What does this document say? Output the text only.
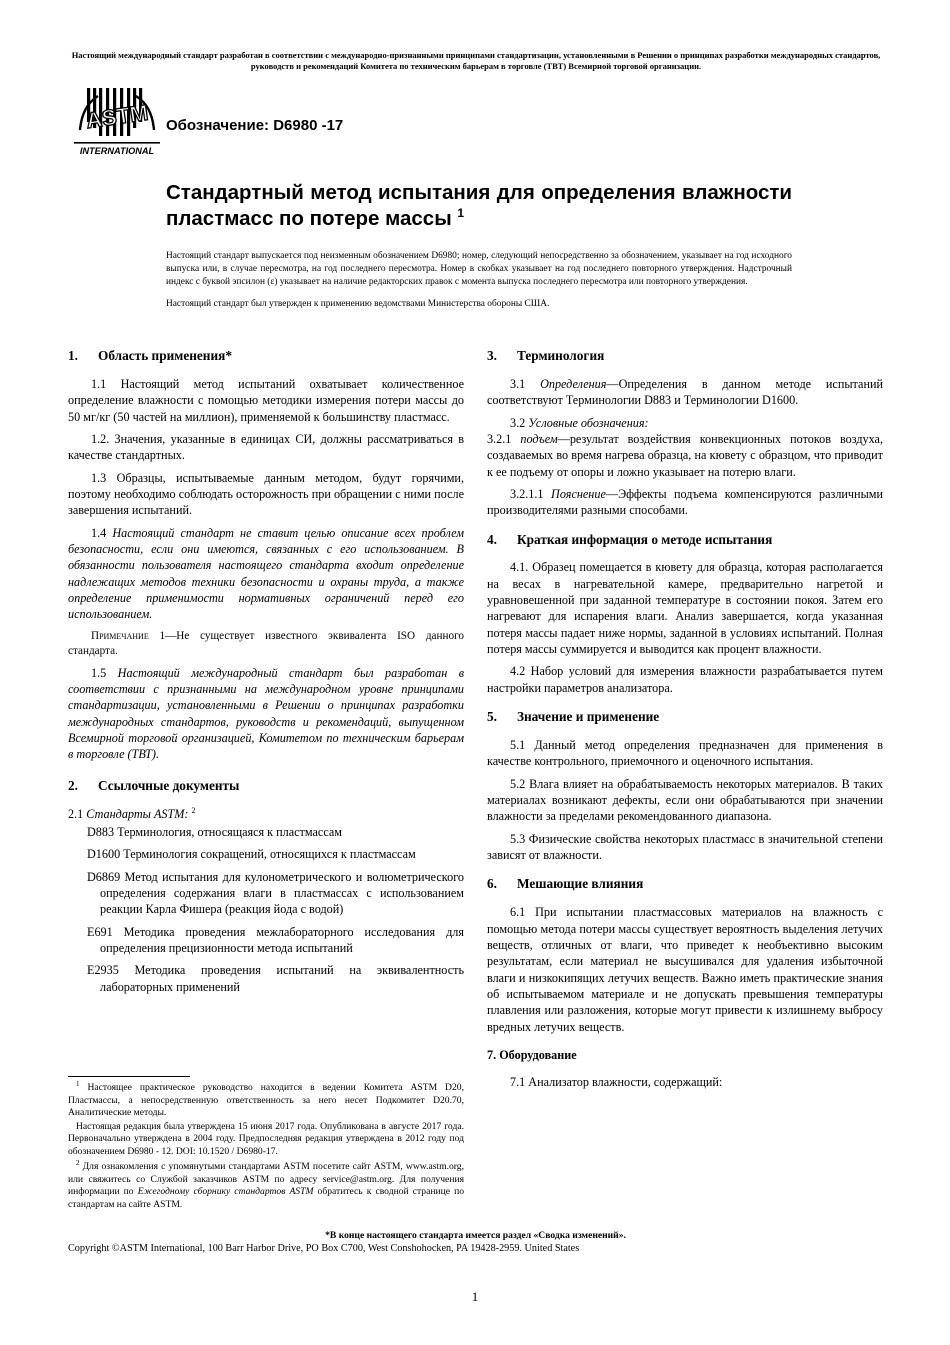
Настоящий международный стандарт разработан в соответствии с международно-признанными принципами стандартизации, установленными в Решении о принципах разработки международных стандартов, руководств и рекомендаций Комитета по техническим барьерам в торговле (ТВТ) Всемирной торговой организации.
ASTM
INTERNATIONAL
Обозначение: D6980 -17
Стандартный метод испытания для определения влажности пластмасс по потере массы $^1$

Настоящий стандарт выпускается под неизменным обозначением D6980; номер, следующий непосредственно за обозначением, указывает на год исходного выпуска или, в случае пересмотра, на год последнего пересмотра. Номер в скобках указывает на год последнего повторного утверждения. Надстрочный индекс с буквой эпсилон (ε) указывает на наличие редакторских правок с момента выпуска последнего пересмотра или повторного утверждения.

Настоящий стандарт был утвержден к применению ведомствами Министерства обороны США.

1. Область применения*

1.1 Настоящий метод испытаний охватывает количественное определение влажности с помощью методики измерения потери массы до 50 мг/кг (50 частей на миллион), применяемой к большинству пластмасс.

1.2. Значения, указанные в единицах СИ, должны рассматриваться в качестве стандартных.

1.3 Образцы, испытываемые данным методом, будут горячими, поэтому необходимо соблюдать осторожность при обращении с ними после завершения испытаний.

1.4 Настоящий стандарт не ставит целью описание всех проблем безопасности, если они имеются, связанных с его использованием. В обязанности пользователя настоящего стандарта входит определение надлежащих методов техники безопасности и охраны труда, а также определение применимости нормативных ограничений перед его использованием.

Примечание 1—Не существует известного эквивалента ISO данного стандарта.

1.5 Настоящий международный стандарт был разработан в соответствии с признанными на международном уровне принципами стандартизации, установленными в Решении о принципах разработки международных стандартов, руководств и рекомендаций, выпущенном Всемирной торговой организацией, Комитетом по техническим барьерам в торговле (ТВТ).

2. Ссылочные документы

2.1 Стандарты ASTM: $^2$

D883 Терминология, относящаяся к пластмассам

D1600 Терминология сокращений, относящихся к пластмассам

D6869 Метод испытания для кулонометрического и волюметрического определения содержания влаги в пластмассах с использованием реакции Карла Фишера (реакция йода с водой)

E691 Методика проведения межлабораторного исследования для определения прецизионности метода испытаний

E2935 Методика проведения испытаний на эквивалентность лабораторных применений

$^1$ Настоящее практическое руководство находится в ведении Комитета ASTM D20, Пластмассы, а непосредственную ответственность за него несет Подкомитет D20.70, Аналитические методы.

Настоящая редакция была утверждена 15 июня 2017 года. Опубликована в августе 2017 года. Первоначально утверждена в 2004 году. Предпоследняя редакция утверждена в 2012 году под обозначением D6980 - 12. DOI: 10.1520 / D6980-17.

$^2$ Для ознакомления с упомянутыми стандартами ASTM посетите сайт ASTM, www.astm.org, или свяжитесь со Службой заказчиков ASTM по адресу service@astm.org. Для получения информации по Ежегодному сборнику стандартов ASTM обратитесь к сводной странице по стандартам на сайте ASTM.

3. Терминология

3.1 Определения—Определения в данном методе испытаний соответствуют Терминологии D883 и Терминологии D1600.

3.2 Условные обозначения:

3.2.1 подъем—результат воздействия конвекционных потоков воздуха, создаваемых во время нагрева образца, на кювету с образцом, что приводит к ее подъему от опоры и ложно указывает на потерю влаги.

3.2.1.1 Пояснение—Эффекты подъема компенсируются различными производителями разными способами.

4. Краткая информация о методе испытания

4.1. Образец помещается в кювету для образца, которая располагается на весах в нагревательной камере, предварительно нагретой и уравновешенной при заданной температуре в состоянии покоя. Затем его нагревают для испарения влаги. Анализ завершается, когда указанная потеря массы падает ниже нормы, заданной в условиях испытаний. Полная потеря массы суммируется и выводится как процент влажности.

4.2 Набор условий для измерения влажности разрабатывается путем настройки параметров анализатора.

5. Значение и применение

5.1 Данный метод определения предназначен для применения в качестве контрольного, приемочного и оценочного испытания.

5.2 Влага влияет на обрабатываемость некоторых материалов. В таких материалах возникают дефекты, если они обрабатываются при значении влажности за пределами рекомендованного диапазона.

5.3 Физические свойства некоторых пластмасс в значительной степени зависят от влажности.

6. Мешающие влияния

6.1 При испытании пластмассовых материалов на влажность с помощью метода потери массы существует вероятность выделения летучих веществ, отличных от влаги, что приведет к необъективно высоким результатам, если материал не высушивался для удаления избыточной влаги и низкокипящих летучих веществ. Важно иметь практические знания об испытываемом материале и не допускать превышения температуры плавления или разложения, которые могут привести к излишнему выбросу вредных летучих веществ.

7. Оборудование

7.1 Анализатор влажности, содержащий:

*В конце настоящего стандарта имеется раздел «Сводка изменений».
Copyright ©ASTM International, 100 Barr Harbor Drive, PO Box C700, West Conshohocken, PA 19428-2959. United States
1
